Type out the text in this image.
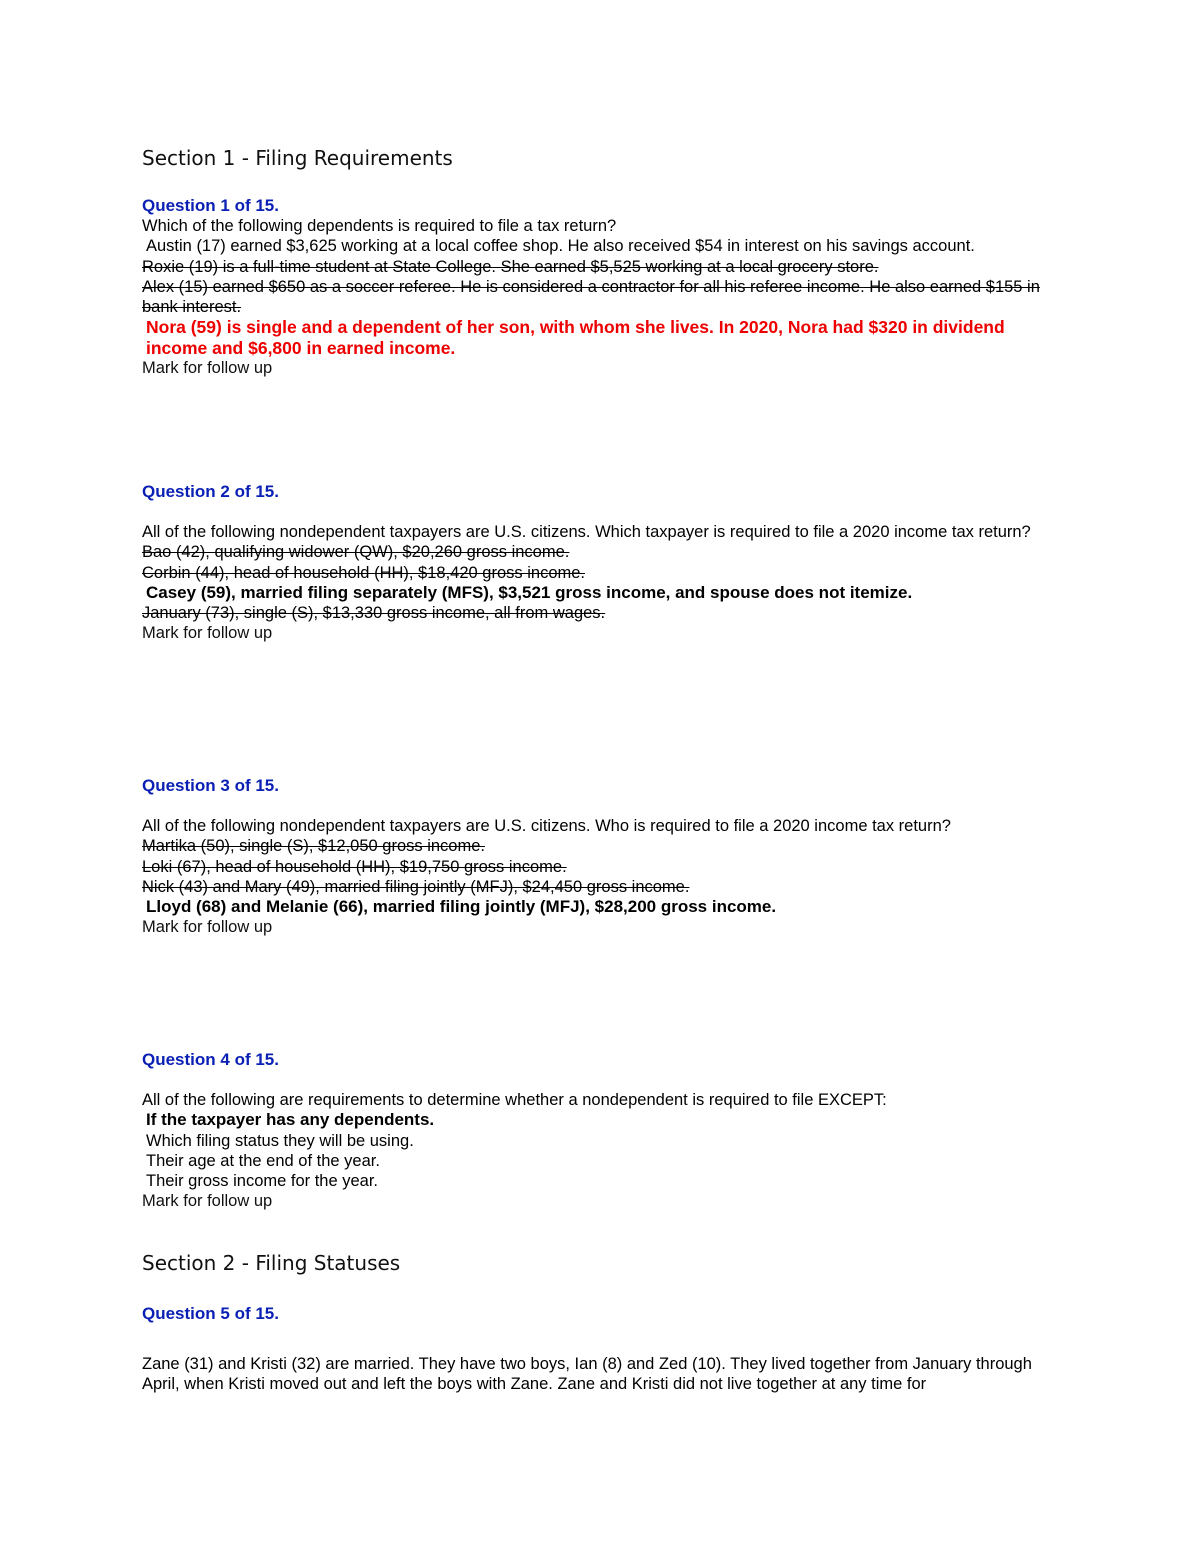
Section 1 - Filing Requirements

Question 1 of 15.

Which of the following dependents is required to file a tax return?

Austin (17) earned $3,625 working at a local coffee shop. He also received $54 in interest on his savings account.

Roxie (19) is a full-time student at State College. She earned $5,525 working at a local grocery store.

Alex (15) earned $650 as a soccer referee. He is considered a contractor for all his referee income. He also earned $155 in bank interest.

Nora (59) is single and a dependent of her son, with whom she lives. In 2020, Nora had $320 in dividend income and $6,800 in earned income.

Mark for follow up

Question 2 of 15.

All of the following nondependent taxpayers are U.S. citizens. Which taxpayer is required to file a 2020 income tax return?

Bao (42), qualifying widower (QW), $20,260 gross income.

Corbin (44), head of household (HH), $18,420 gross income.

Casey (59), married filing separately (MFS), $3,521 gross income, and spouse does not itemize.

January (73), single (S), $13,330 gross income, all from wages.

Mark for follow up

Question 3 of 15.

All of the following nondependent taxpayers are U.S. citizens. Who is required to file a 2020 income tax return?

Martika (50), single (S), $12,050 gross income.

Loki (67), head of household (HH), $19,750 gross income.

Nick (43) and Mary (49), married filing jointly (MFJ), $24,450 gross income.

Lloyd (68) and Melanie (66), married filing jointly (MFJ), $28,200 gross income.

Mark for follow up

Question 4 of 15.

All of the following are requirements to determine whether a nondependent is required to file EXCEPT:

If the taxpayer has any dependents.

Which filing status they will be using.

Their age at the end of the year.

Their gross income for the year.

Mark for follow up

Section 2 - Filing Statuses

Question 5 of 15.

Zane (31) and Kristi (32) are married. They have two boys, Ian (8) and Zed (10). They lived together from January through April, when Kristi moved out and left the boys with Zane. Zane and Kristi did not live together at any time for
